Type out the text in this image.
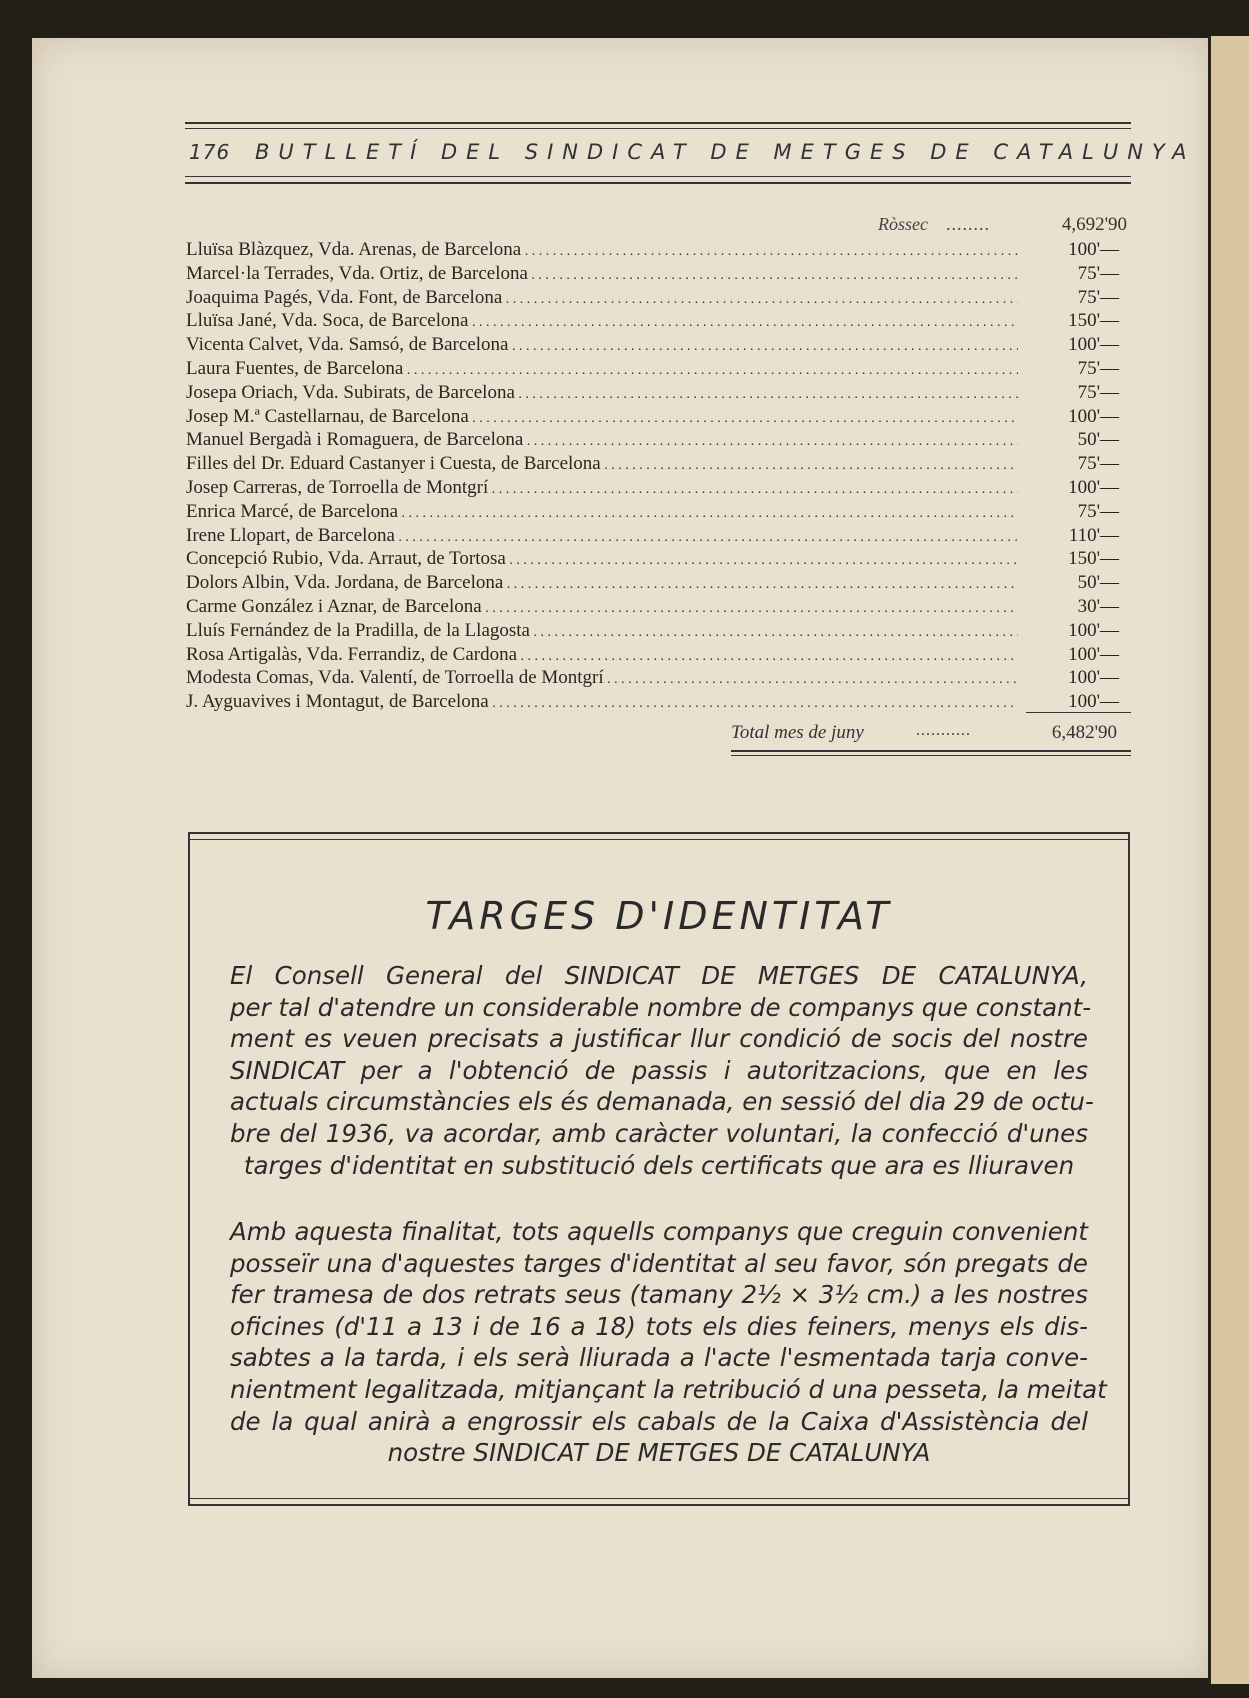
176 BUTLLETÍ DEL SINDICAT DE METGES DE CATALUNYA
Ròssec ........	4,692'90
Lluïsa Blàzquez, Vda. Arenas, de Barcelona . . .	100'—
Marcel·la Terrades, Vda. Ortiz, de Barcelona . . .	75'—
Joaquima Pagés, Vda. Font, de Barcelona . . .	75'—
Lluïsa Jané, Vda. Soca, de Barcelona . . .	150'—
Vicenta Calvet, Vda. Samsó, de Barcelona . . .	100'—
Laura Fuentes, de Barcelona . . .	75'—
Josepa Oriach, Vda. Subirats, de Barcelona . . .	75'—
Josep M.ª Castellarnau, de Barcelona . . .	100'—
Manuel Bergadà i Romaguera, de Barcelona . . .	50'—
Filles del Dr. Eduard Castanyer i Cuesta, de Barcelona . . .	75'—
Josep Carreras, de Torroella de Montgrí . . .	100'—
Enrica Marcé, de Barcelona . . .	75'—
Irene Llopart, de Barcelona . . .	110'—
Concepció Rubio, Vda. Arraut, de Tortosa . . .	150'—
Dolors Albin, Vda. Jordana, de Barcelona . . .	50'—
Carme González i Aznar, de Barcelona . . .	30'—
Lluís Fernández de la Pradilla, de la Llagosta . . .	100'—
Rosa Artigalàs, Vda. Ferrandiz, de Cardona . . .	100'—
Modesta Comas, Vda. Valentí, de Torroella de Montgrí . . .	100'—
J. Ayguavives i Montagut, de Barcelona . . .	100'—
Total mes de juny	...........	6,482'90
TARGES D'IDENTITAT
El Consell General del SINDICAT DE METGES DE CATALUNYA,
per tal d'atendre un considerable nombre de companys que constant-
ment es veuen precisats a justificar llur condició de socis del nostre
SINDICAT per a l'obtenció de passis i autoritzacions, que en les
actuals circumstàncies els és demanada, en sessió del dia 29 de octu-
bre del 1936, va acordar, amb caràcter voluntari, la confecció d'unes
targes d'identitat en substitució dels certificats que ara es lliuraven
Amb aquesta finalitat, tots aquells companys que creguin convenient
posseïr una d'aquestes targes d'identitat al seu favor, són pregats de
fer tramesa de dos retrats seus (tamany 2½ × 3½ cm.) a les nostres
oficines (d'11 a 13 i de 16 a 18) tots els dies feiners, menys els dis-
sabtes a la tarda, i els serà lliurada a l'acte l'esmentada tarja conve-
nientment legalitzada, mitjançant la retribució d una pesseta, la meitat
de la qual anirà a engrossir els cabals de la Caixa d'Assistència del
nostre SINDICAT DE METGES DE CATALUNYA
